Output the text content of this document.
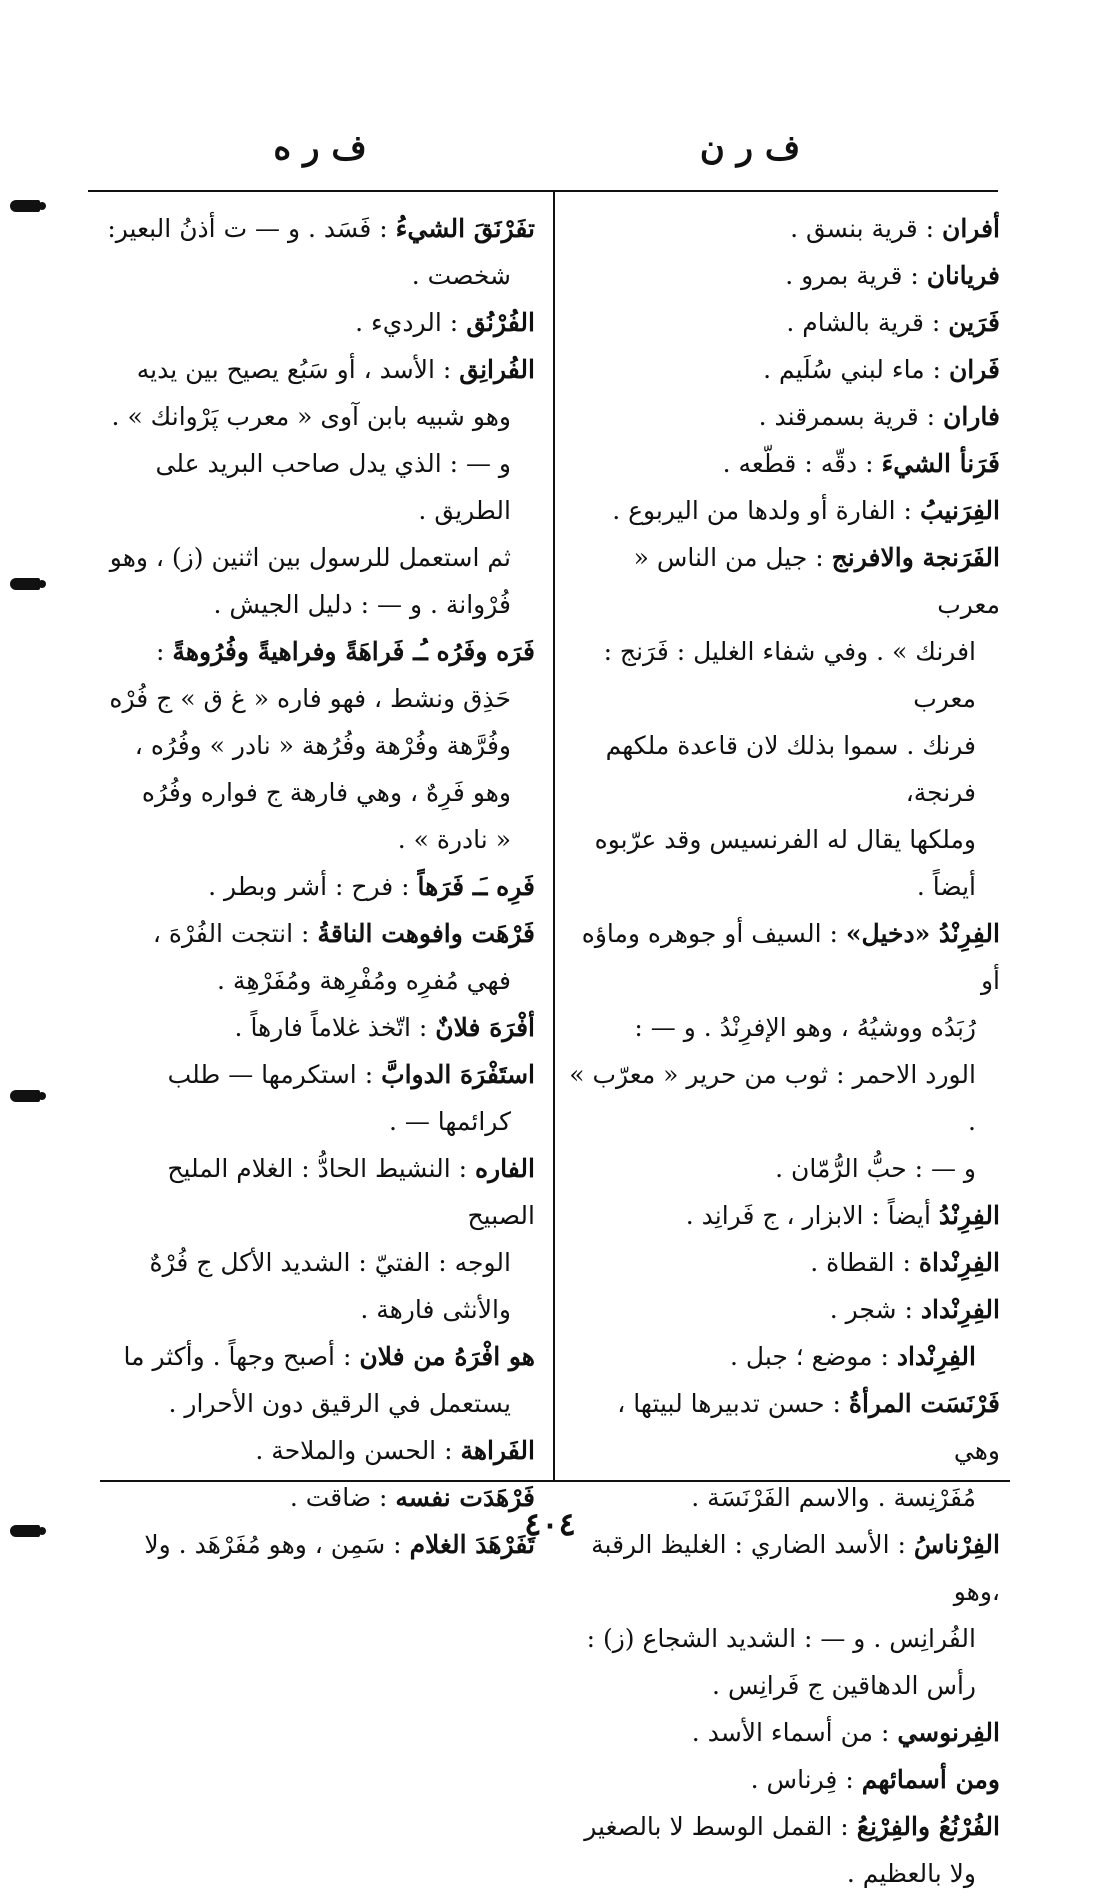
ف ر ن
ف ر ه
أفران : قرية بنسق .
فريانان : قرية بمرو .
فَرَين : قرية بالشام .
فَران : ماء لبني سُلَيم .
فاران : قرية بسمرقند .
فَرَنأ الشيءَ : دقّه : قطّعه .
الفِرَنيبُ : الفارة أو ولدها من اليربوع .
الفَرَنجة والافرنج : جيل من الناس « معرب
افرنك » . وفي شفاء الغليل : فَرَنج : معرب
فرنك . سموا بذلك لان قاعدة ملكهم فرنجة،
وملكها يقال له الفرنسيس وقد عرّبوه أيضاً .
الفِرِنْدُ «دخيل» : السيف أو جوهره وماؤه أو
رُبَدُه ووشيُهُ ، وهو الإفرِنْدُ . و — :
الورد الاحمر : ثوب من حرير « معرّب » .
و — : حبُّ الرُّمّان .
الفِرِنْدُ أيضاً : الابزار ، ج فَرانِد .
الفِرِنْداة : القطاة .
الفِرِنْداد : شجر .
الفِرِنْداد : موضع ؛ جبل .
فَرْنَسَت المرأةُ : حسن تدبيرها لبيتها ، وهي
مُفَرْنِسة . والاسم الفَرْنَسَة .
الفِرْناسُ : الأسد الضاري : الغليظ الرقبة ،وهو
الفُرانِس . و — : الشديد الشجاع (ز) :
رأس الدهاقين ج فَرانِس .
الفِرنوسي : من أسماء الأسد .
ومن أسمائهم : فِرناس .
الفُرْنُعُ والفِرْنِعُ : القمل الوسط لا بالصغير
ولا بالعظيم .
تفَرْنَقَ الشيءُ : فَسَد . و — ت أذنُ البعير:
شخصت .
الفُرْنُق : الرديء .
الفُرانِق : الأسد ، أو سَبُع يصيح بين يديه
وهو شبيه بابن آوى « معرب پَرْوانك » .
و — : الذي يدل صاحب البريد على الطريق .
ثم استعمل للرسول بين اثنين (ز) ، وهو
فُرْوانة . و — : دليل الجيش .
فَرَه وفَرُه ـُـ فَراهَةً وفراهيةً وفُرُوهةً :
حَذِق ونشط ، فهو فاره « غ ق » ج فُرْه
وفُرَّهة وفُرْهة وفُرُهة « نادر » وفُرُه ،
وهو فَرِهٌ ، وهي فارهة ج فواره وفُرُه
« نادرة » .
فَرِه ـَـ فَرَهاً : فرح : أشر وبطر .
فَرْهَت وافوهت الناقةُ : انتجت الفُرْهَ ،
فهي مُفرِه ومُفْرِهة ومُفَرْهِة .
أفْرَهَ فلانٌ : اتّخذ غلاماً فارهاً .
استَفْرَهَ الدوابَّ : استكرمها — طلب
كرائمها — .
الفاره : النشيط الحادُّ : الغلام المليح الصبيح
الوجه : الفتيّ : الشديد الأكل ج فُرْهٌ
والأنثى فارهة .
هو افْرَهُ من فلان : أصبح وجهاً . وأكثر ما
يستعمل في الرقيق دون الأحرار .
الفَراهة : الحسن والملاحة .
فَرْهَدَت نفسه : ضاقت .
تَفَرْهَدَ الغلام : سَمِن ، وهو مُفَرْهَد . ولا
٤٠٤
